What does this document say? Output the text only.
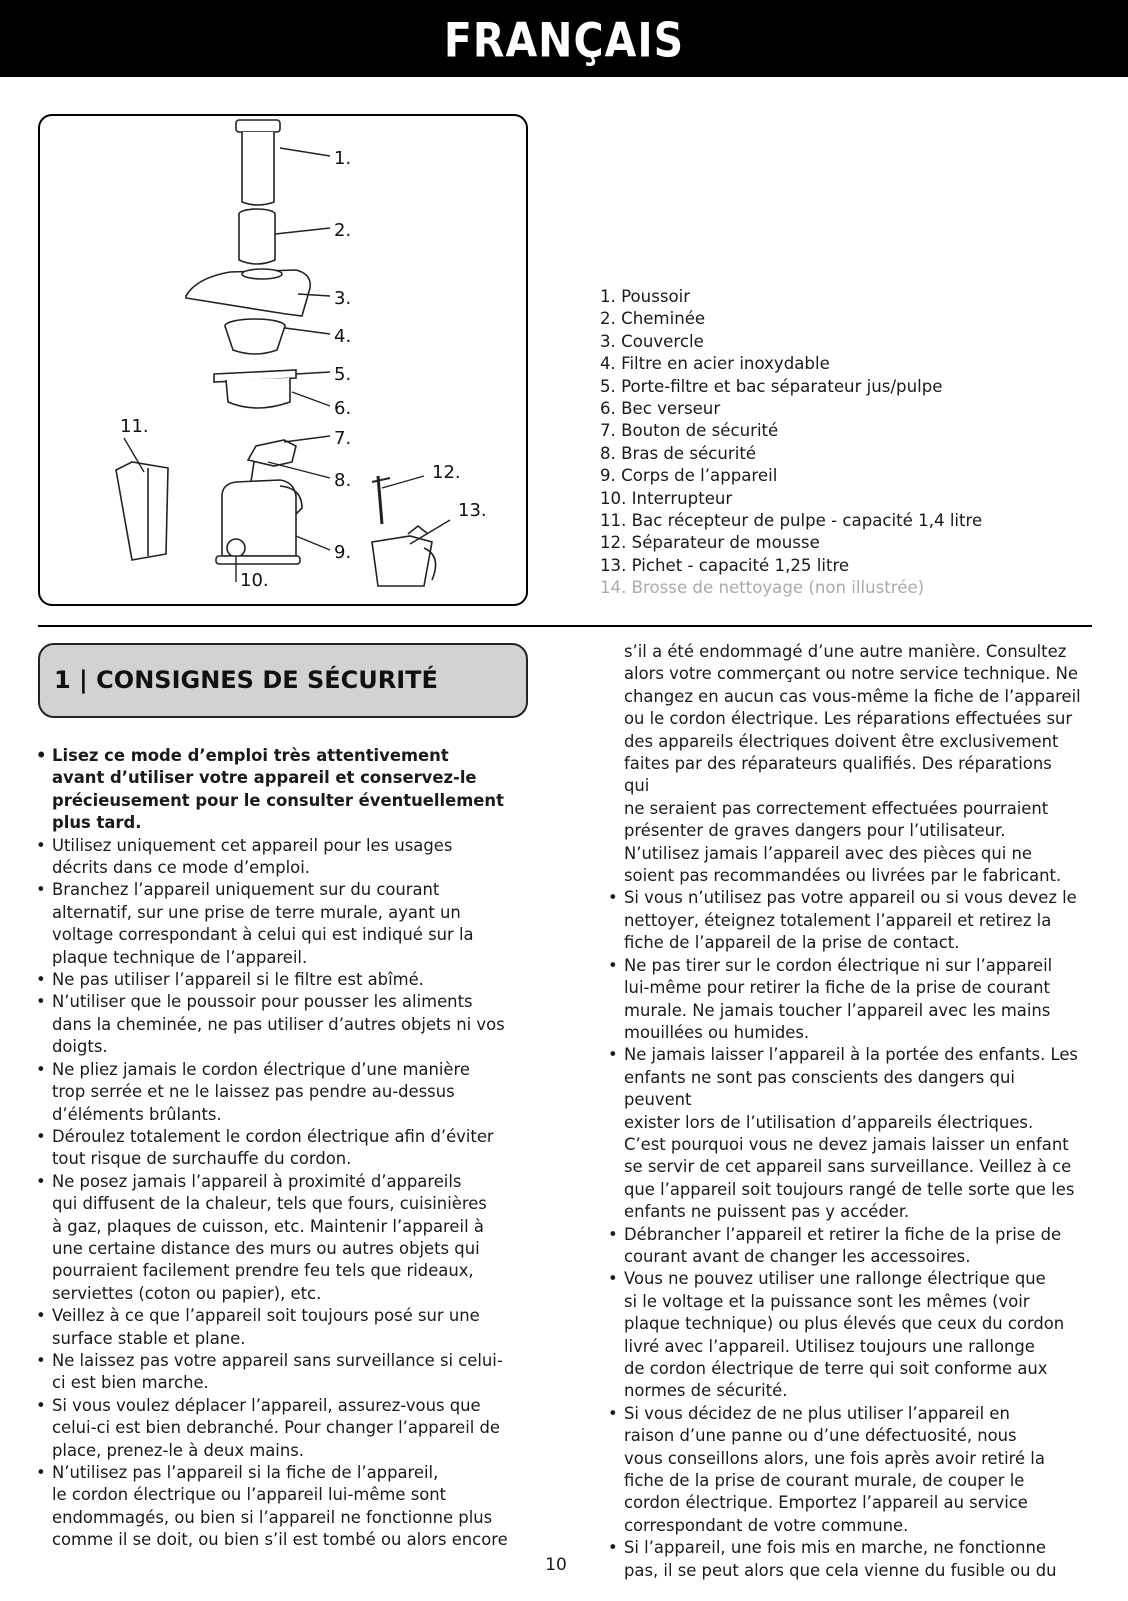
FRANÇAIS
1.
2.
3.
4.
5.
6.
7.
8.
9.
10.
11.
12.
13.
1. Poussoir
2. Cheminée
3. Couvercle
4. Filtre en acier inoxydable
5. Porte-filtre et bac séparateur jus/pulpe
6. Bec verseur
7. Bouton de sécurité
8. Bras de sécurité
9. Corps de l’appareil
10. Interrupteur
11. Bac récepteur de pulpe - capacité 1,4 litre
12. Séparateur de mousse
13. Pichet - capacité 1,25 litre
14. Brosse de nettoyage (non illustrée)
1 | CONSIGNES DE SÉCURITÉ
• Lisez ce mode d’emploi très attentivement
avant d’utiliser votre appareil et conservez-le
précieusement pour le consulter éventuellement
plus tard.
• Utilisez uniquement cet appareil pour les usages
décrits dans ce mode d’emploi.
• Branchez l’appareil uniquement sur du courant
alternatif, sur une prise de terre murale, ayant un
voltage correspondant à celui qui est indiqué sur la
plaque technique de l’appareil.
• Ne pas utiliser l’appareil si le filtre est abîmé.
• N’utiliser que le poussoir pour pousser les aliments
dans la cheminée, ne pas utiliser d’autres objets ni vos
doigts.
• Ne pliez jamais le cordon électrique d’une manière
trop serrée et ne le laissez pas pendre au-dessus
d’éléments brûlants.
• Déroulez totalement le cordon électrique afin d’éviter
tout risque de surchauffe du cordon.
• Ne posez jamais l’appareil à proximité d’appareils
qui diffusent de la chaleur, tels que fours, cuisinières
à gaz, plaques de cuisson, etc. Maintenir l’appareil à
une certaine distance des murs ou autres objets qui
pourraient facilement prendre feu tels que rideaux,
serviettes (coton ou papier), etc.
• Veillez à ce que l’appareil soit toujours posé sur une
surface stable et plane.
• Ne laissez pas votre appareil sans surveillance si celui-
ci est bien marche.
• Si vous voulez déplacer l’appareil, assurez-vous que
celui-ci est bien debranché. Pour changer l’appareil de
place, prenez-le à deux mains.
• N’utilisez pas l’appareil si la fiche de l’appareil,
le cordon électrique ou l’appareil lui-même sont
endommagés, ou bien si l’appareil ne fonctionne plus
comme il se doit, ou bien s’il est tombé ou alors encore
s’il a été endommagé d’une autre manière. Consultez
alors votre commerçant ou notre service technique. Ne
changez en aucun cas vous-même la fiche de l’appareil
ou le cordon électrique. Les réparations effectuées sur
des appareils électriques doivent être exclusivement
faites par des réparateurs qualifiés. Des réparations qui
ne seraient pas correctement effectuées pourraient
présenter de graves dangers pour l’utilisateur.
N’utilisez jamais l’appareil avec des pièces qui ne
soient pas recommandées ou livrées par le fabricant.
• Si vous n’utilisez pas votre appareil ou si vous devez le
nettoyer, éteignez totalement l’appareil et retirez la
fiche de l’appareil de la prise de contact.
• Ne pas tirer sur le cordon électrique ni sur l’appareil
lui-même pour retirer la fiche de la prise de courant
murale. Ne jamais toucher l’appareil avec les mains
mouillées ou humides.
• Ne jamais laisser l’appareil à la portée des enfants. Les
enfants ne sont pas conscients des dangers qui peuvent
exister lors de l’utilisation d’appareils électriques.
C’est pourquoi vous ne devez jamais laisser un enfant
se servir de cet appareil sans surveillance. Veillez à ce
que l’appareil soit toujours rangé de telle sorte que les
enfants ne puissent pas y accéder.
• Débrancher l’appareil et retirer la fiche de la prise de
courant avant de changer les accessoires.
• Vous ne pouvez utiliser une rallonge électrique que
si le voltage et la puissance sont les mêmes (voir
plaque technique) ou plus élevés que ceux du cordon
livré avec l’appareil. Utilisez toujours une rallonge
de cordon électrique de terre qui soit conforme aux
normes de sécurité.
• Si vous décidez de ne plus utiliser l’appareil en
raison d’une panne ou d’une défectuosité, nous
vous conseillons alors, une fois après avoir retiré la
fiche de la prise de courant murale, de couper le
cordon électrique. Emportez l’appareil au service
correspondant de votre commune.
• Si l’appareil, une fois mis en marche, ne fonctionne
pas, il se peut alors que cela vienne du fusible ou du
10
